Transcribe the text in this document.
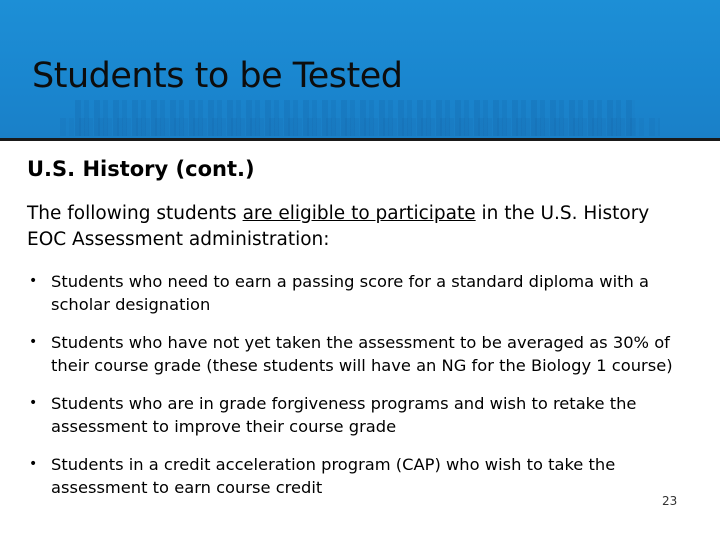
Students to be Tested
U.S. History (cont.)

The following students are eligible to participate in the U.S. History EOC Assessment administration:

• Students who need to earn a passing score for a standard diploma with a scholar designation
• Students who have not yet taken the assessment to be averaged as 30% of their course grade (these students will have an NG for the Biology 1 course)
• Students who are in grade forgiveness programs and wish to retake the assessment to improve their course grade
• Students in a credit acceleration program (CAP) who wish to take the assessment to earn course credit
23
